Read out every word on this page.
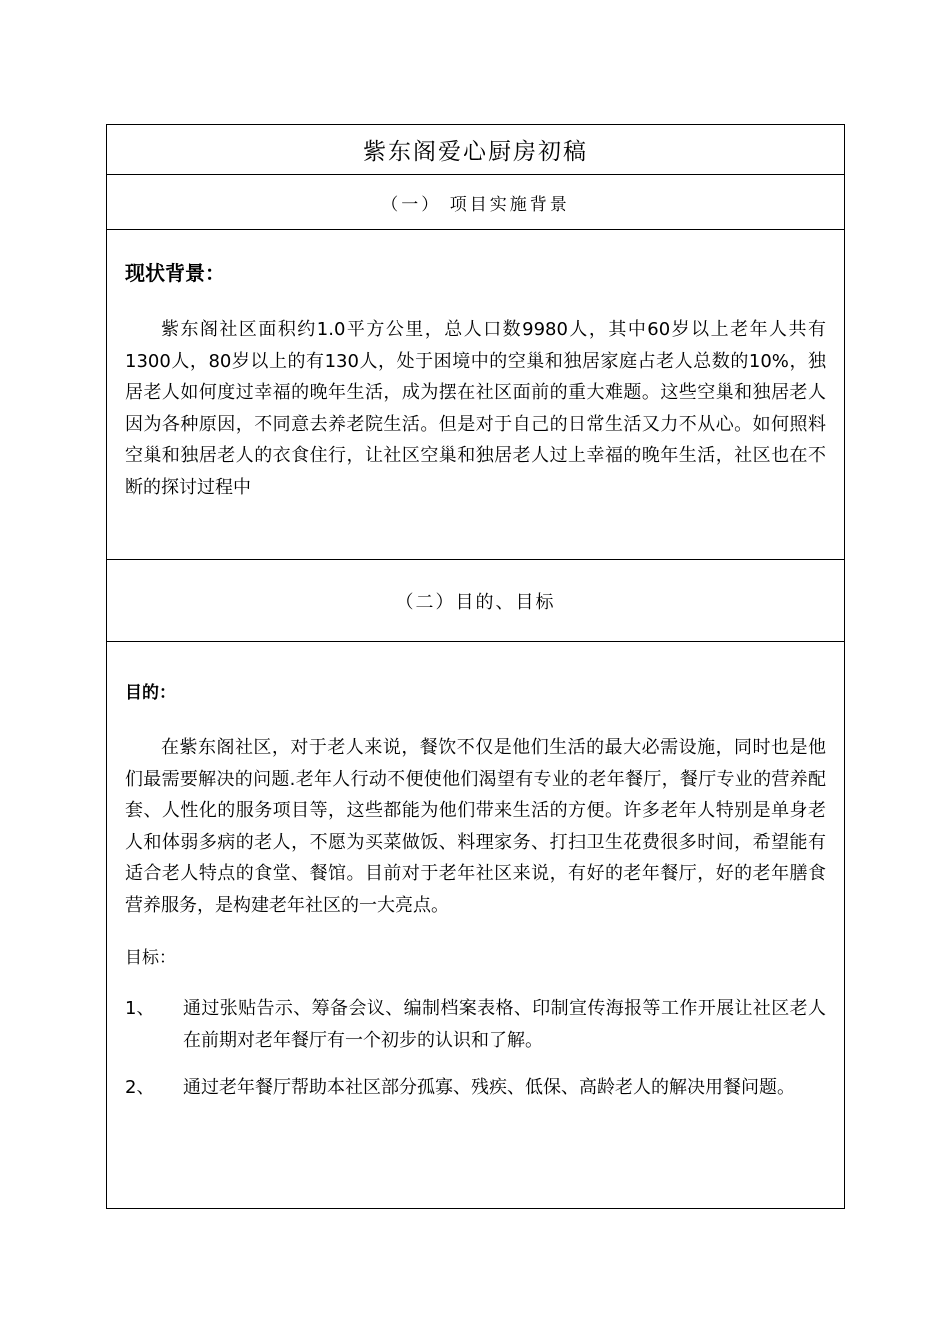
紫东阁爱心厨房初稿
（一） 项目实施背景

现状背景：

紫东阁社区面积约1.0平方公里，总人口数9980人，其中60岁以上老年人共有 1300人，80岁以上的有130人，处于困境中的空巢和独居家庭占老人总数的10%，独居老人如何度过幸福的晚年生活，成为摆在社区面前的重大难题。这些空巢和独居老人因为各种原因，不同意去养老院生活。但是对于自己的日常生活又力不从心。如何照料空巢和独居老人的衣食住行，让社区空巢和独居老人过上幸福的晚年生活，社区也在不断的探讨过程中

（二）目的、目标

目的：

在紫东阁社区，对于老人来说，餐饮不仅是他们生活的最大必需设施，同时也是他们最需要解决的问题.老年人行动不便使他们渴望有专业的老年餐厅，餐厅专业的营养配套、人性化的服务项目等，这些都能为他们带来生活的方便。许多老年人特别是单身老人和体弱多病的老人，不愿为买菜做饭、料理家务、打扫卫生花费很多时间，希望能有适合老人特点的食堂、餐馆。目前对于老年社区来说，有好的老年餐厅，好的老年膳食营养服务，是构建老年社区的一大亮点。

目标：

1、	通过张贴告示、筹备会议、编制档案表格、印制宣传海报等工作开展让社区老人在前期对老年餐厅有一个初步的认识和了解。
2、	通过老年餐厅帮助本社区部分孤寡、残疾、低保、高龄老人的解决用餐问题。
